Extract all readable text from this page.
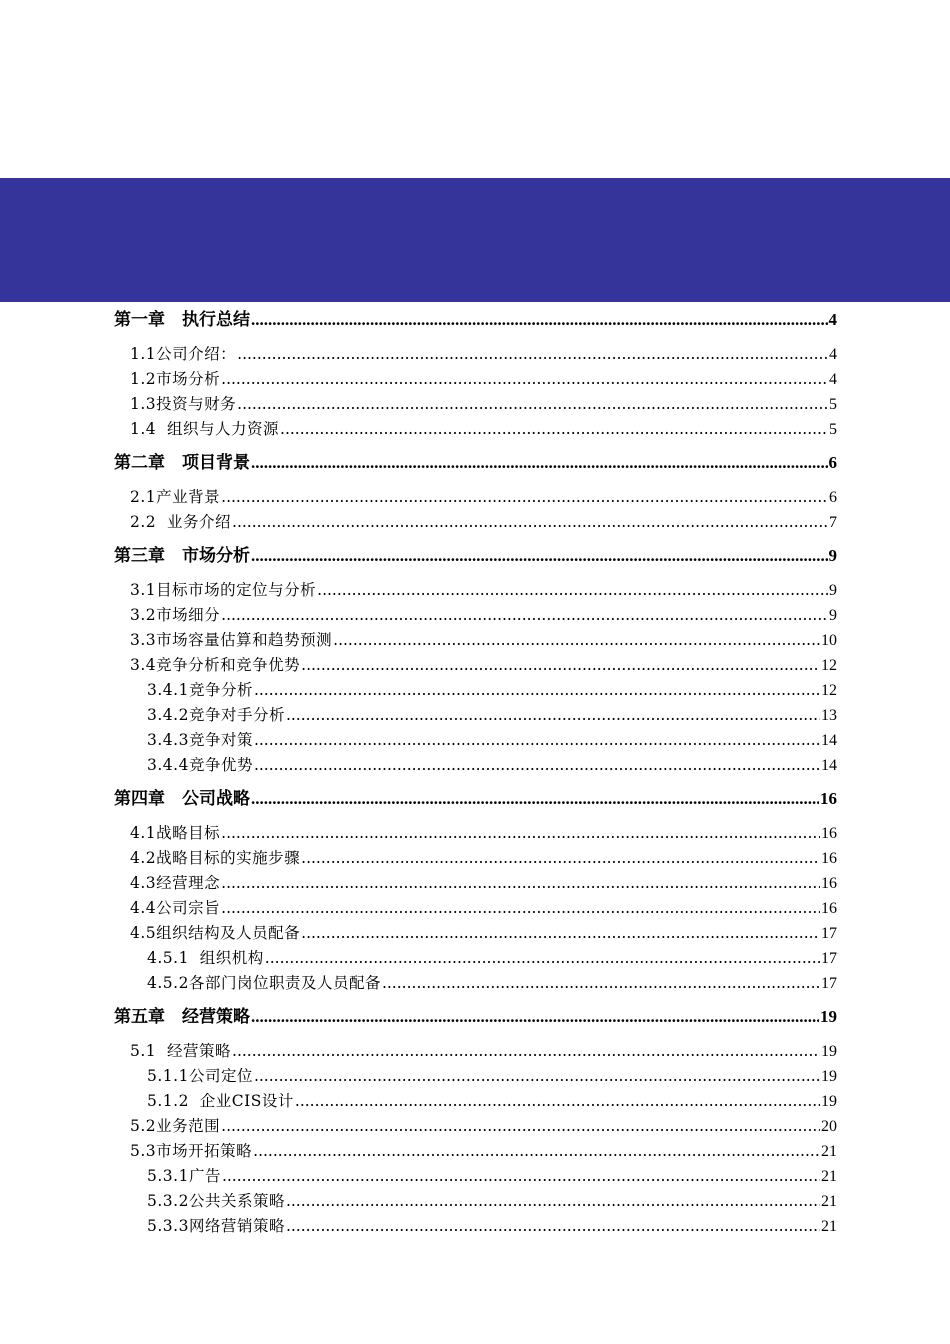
第一章    执行总结 .....	4
1.1公司介绍： .....	4
1.2市场分析 .....	4
1.3投资与财务 .....	5
1.4  组织与人力资源 .....	5
第二章    项目背景 .....	6
2.1产业背景 .....	6
2.2  业务介绍 .....	7
第三章    市场分析 .....	9
3.1目标市场的定位与分析 .....	9
3.2市场细分 .....	9
3.3市场容量估算和趋势预测 .....	10
3.4竞争分析和竞争优势 .....	12
3.4.1竞争分析 .....	12
3.4.2竞争对手分析 .....	13
3.4.3竞争对策 .....	14
3.4.4竞争优势 .....	14
第四章    公司战略 .....	16
4.1战略目标 .....	16
4.2战略目标的实施步骤 .....	16
4.3经营理念 .....	16
4.4公司宗旨 .....	16
4.5组织结构及人员配备 .....	17
4.5.1  组织机构 .....	17
4.5.2各部门岗位职责及人员配备 .....	17
第五章    经营策略 .....	19
5.1  经营策略 .....	19
5.1.1公司定位 .....	19
5.1.2  企业CIS设计 .....	19
5.2业务范围 .....	20
5.3市场开拓策略 .....	21
5.3.1广告 .....	21
5.3.2公共关系策略 .....	21
5.3.3网络营销策略 .....	21
